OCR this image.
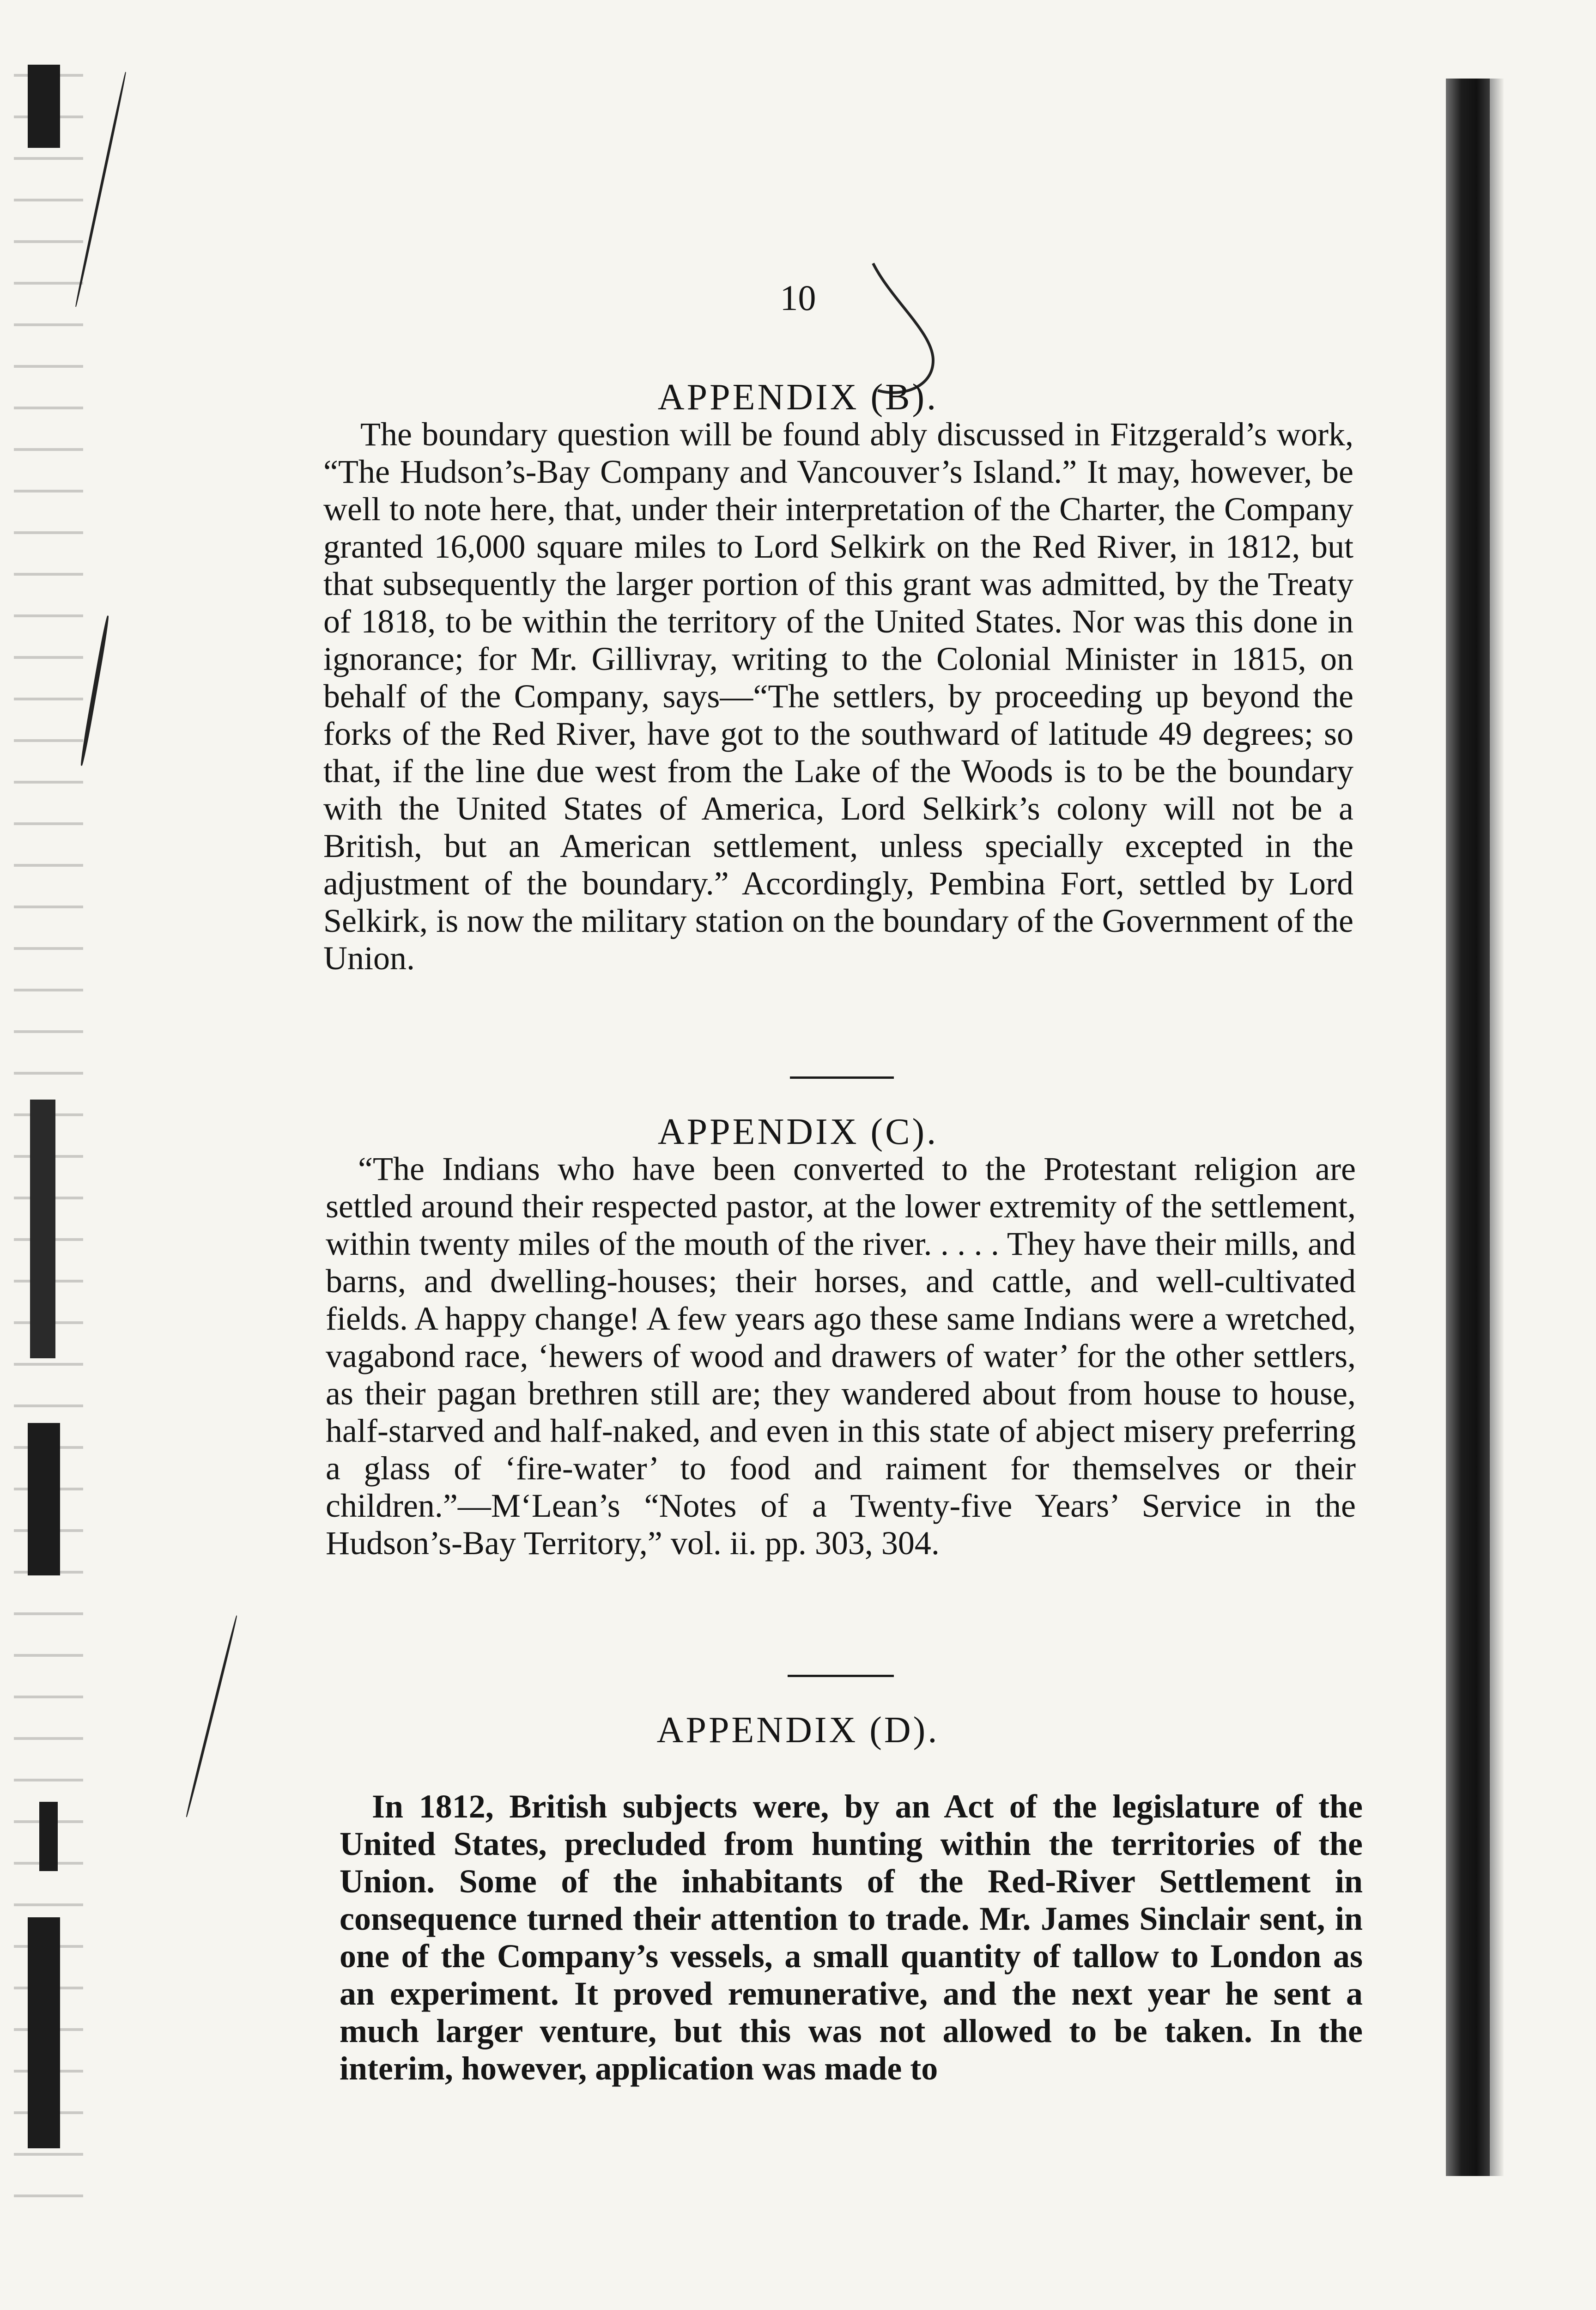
10
APPENDIX (B).

The boundary question will be found ably discussed in Fitzgerald’s work, “The Hudson’s-Bay Company and Vancouver’s Island.” It may, however, be well to note here, that, under their interpretation of the Charter, the Company granted 16,000 square miles to Lord Selkirk on the Red River, in 1812, but that subsequently the larger portion of this grant was admitted, by the Treaty of 1818, to be within the territory of the United States. Nor was this done in ignorance; for Mr. Gillivray, writing to the Colonial Minister in 1815, on behalf of the Company, says—“The settlers, by proceeding up beyond the forks of the Red River, have got to the southward of latitude 49 degrees; so that, if the line due west from the Lake of the Woods is to be the boundary with the United States of America, Lord Selkirk’s colony will not be a British, but an American settlement, unless specially excepted in the adjustment of the boundary.” Accordingly, Pembina Fort, settled by Lord Selkirk, is now the military station on the boundary of the Government of the Union.

APPENDIX (C).

“The Indians who have been converted to the Protestant religion are settled around their respected pastor, at the lower extremity of the settlement, within twenty miles of the mouth of the river. . . . . They have their mills, and barns, and dwelling-houses; their horses, and cattle, and well-cultivated fields. A happy change! A few years ago these same Indians were a wretched, vagabond race, ‘hewers of wood and drawers of water’ for the other settlers, as their pagan brethren still are; they wandered about from house to house, half-starved and half-naked, and even in this state of abject misery preferring a glass of ‘fire-water’ to food and raiment for themselves or their children.”—M‘Lean’s “Notes of a Twenty-five Years’ Service in the Hudson’s-Bay Territory,” vol. ii. pp. 303, 304.

APPENDIX (D).

In 1812, British subjects were, by an Act of the legislature of the United States, precluded from hunting within the territories of the Union. Some of the inhabitants of the Red-River Settlement in consequence turned their attention to trade. Mr. James Sinclair sent, in one of the Company’s vessels, a small quantity of tallow to London as an experiment. It proved remunerative, and the next year he sent a much larger venture, but this was not allowed to be taken. In the interim, however, application was made to
